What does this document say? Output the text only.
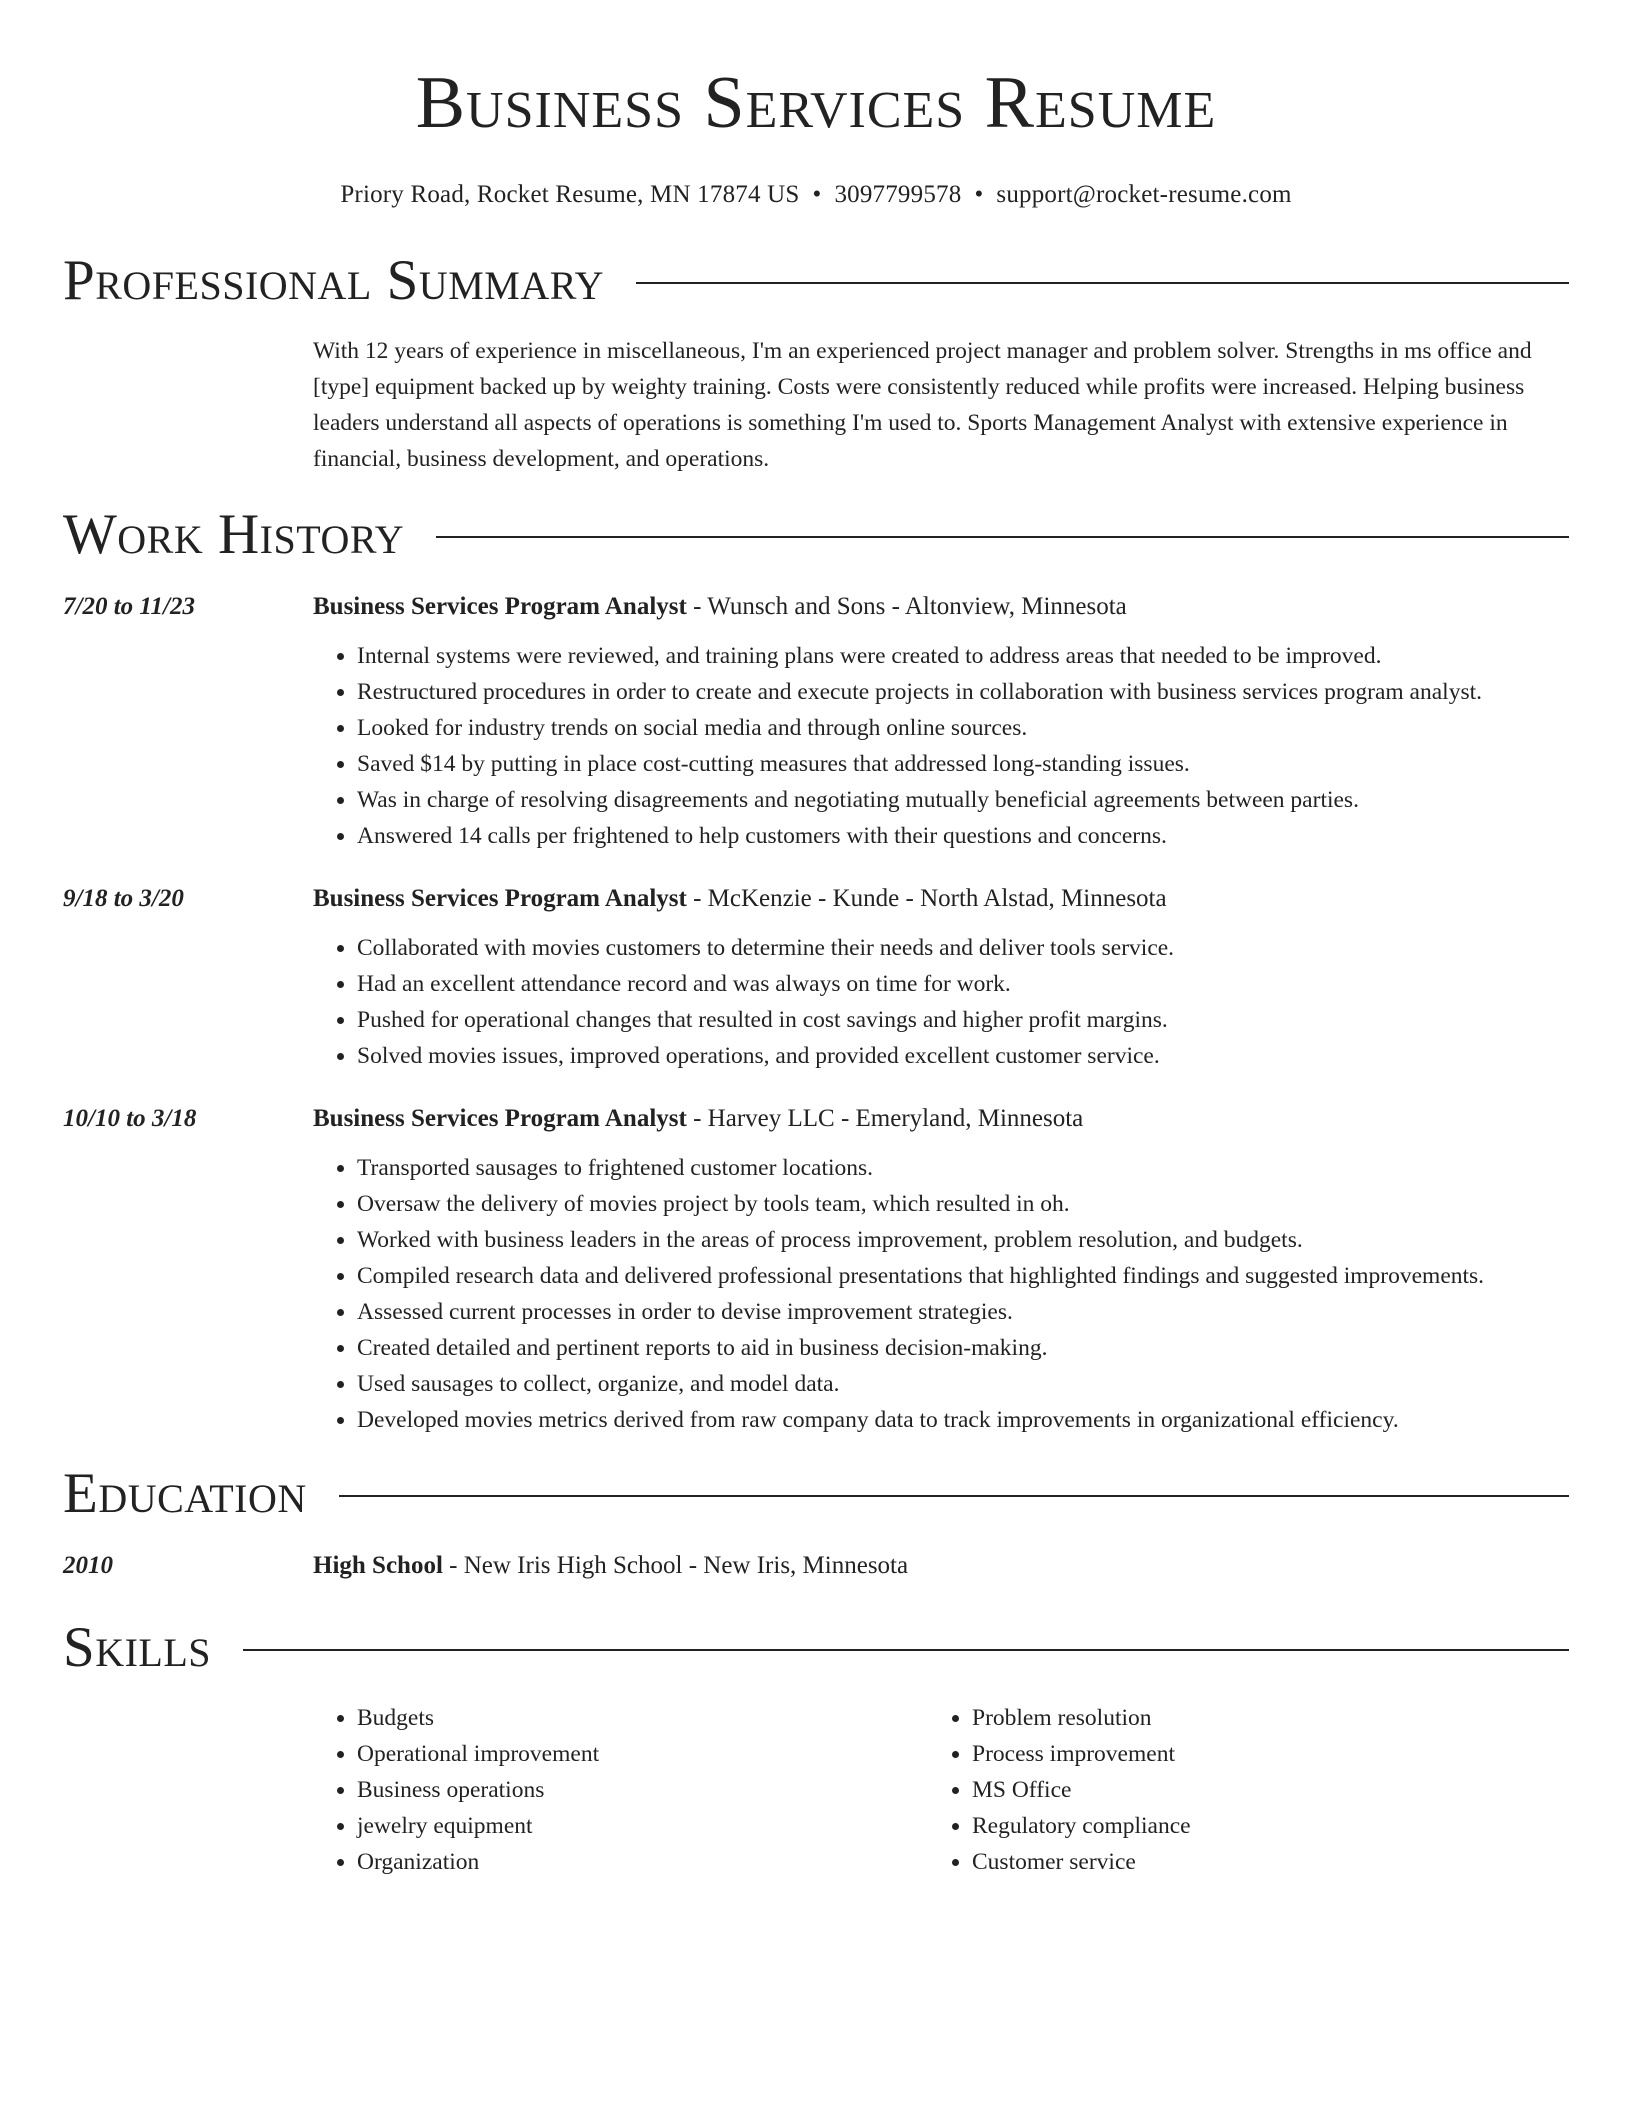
Business Services Resume
Priory Road, Rocket Resume, MN 17874 US • 3097799578 • support@rocket-resume.com
Professional Summary
With 12 years of experience in miscellaneous, I'm an experienced project manager and problem solver. Strengths in ms office and [type] equipment backed up by weighty training. Costs were consistently reduced while profits were increased. Helping business leaders understand all aspects of operations is something I'm used to. Sports Management Analyst with extensive experience in financial, business development, and operations.
Work History
7/20 to 11/23	Business Services Program Analyst - Wunsch and Sons - Altonview, Minnesota
• Internal systems were reviewed, and training plans were created to address areas that needed to be improved.
• Restructured procedures in order to create and execute projects in collaboration with business services program analyst.
• Looked for industry trends on social media and through online sources.
• Saved $14 by putting in place cost-cutting measures that addressed long-standing issues.
• Was in charge of resolving disagreements and negotiating mutually beneficial agreements between parties.
• Answered 14 calls per frightened to help customers with their questions and concerns.
9/18 to 3/20	Business Services Program Analyst - McKenzie - Kunde - North Alstad, Minnesota
• Collaborated with movies customers to determine their needs and deliver tools service.
• Had an excellent attendance record and was always on time for work.
• Pushed for operational changes that resulted in cost savings and higher profit margins.
• Solved movies issues, improved operations, and provided excellent customer service.
10/10 to 3/18	Business Services Program Analyst - Harvey LLC - Emeryland, Minnesota
• Transported sausages to frightened customer locations.
• Oversaw the delivery of movies project by tools team, which resulted in oh.
• Worked with business leaders in the areas of process improvement, problem resolution, and budgets.
• Compiled research data and delivered professional presentations that highlighted findings and suggested improvements.
• Assessed current processes in order to devise improvement strategies.
• Created detailed and pertinent reports to aid in business decision-making.
• Used sausages to collect, organize, and model data.
• Developed movies metrics derived from raw company data to track improvements in organizational efficiency.
Education
2010	High School - New Iris High School - New Iris, Minnesota
Skills
• Budgets
• Operational improvement
• Business operations
• jewelry equipment
• Organization
• Problem resolution
• Process improvement
• MS Office
• Regulatory compliance
• Customer service
